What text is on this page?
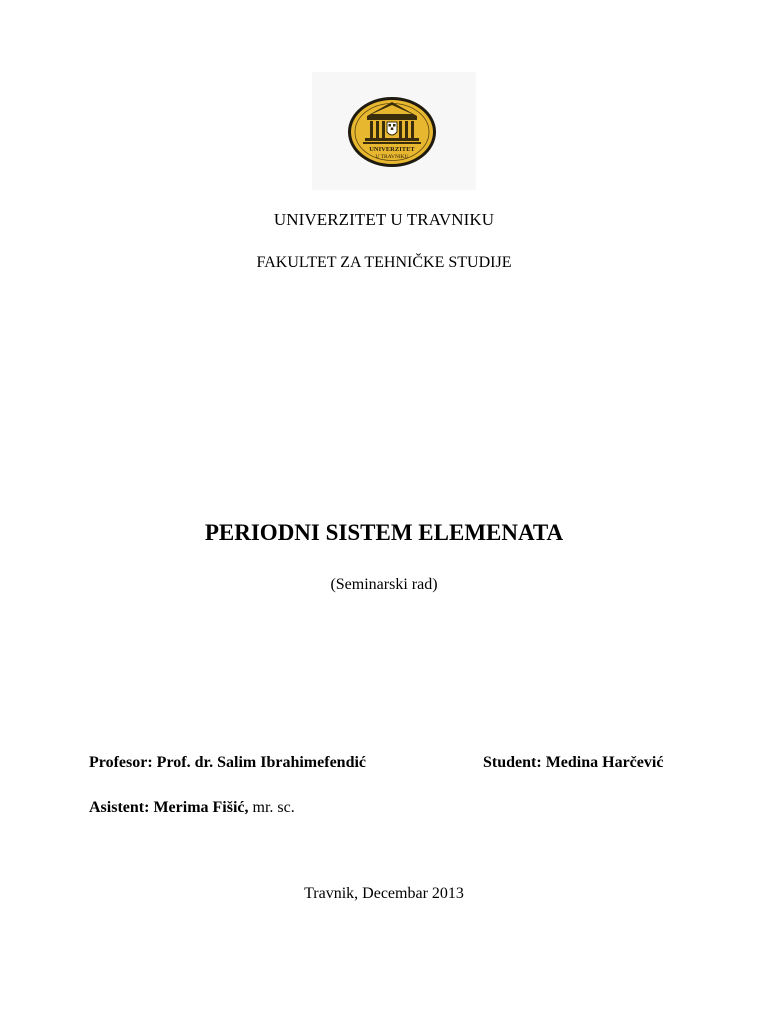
UNIVERZITET
U TRAVNIKU
UNIVERZITET U TRAVNIKU
FAKULTET ZA TEHNIČKE STUDIJE
PERIODNI SISTEM ELEMENATA
(Seminarski rad)
Profesor: Prof. dr. Salim Ibrahimefendić	Student: Medina Harčević
Asistent: Merima Fišić, mr. sc.
Travnik, Decembar 2013
